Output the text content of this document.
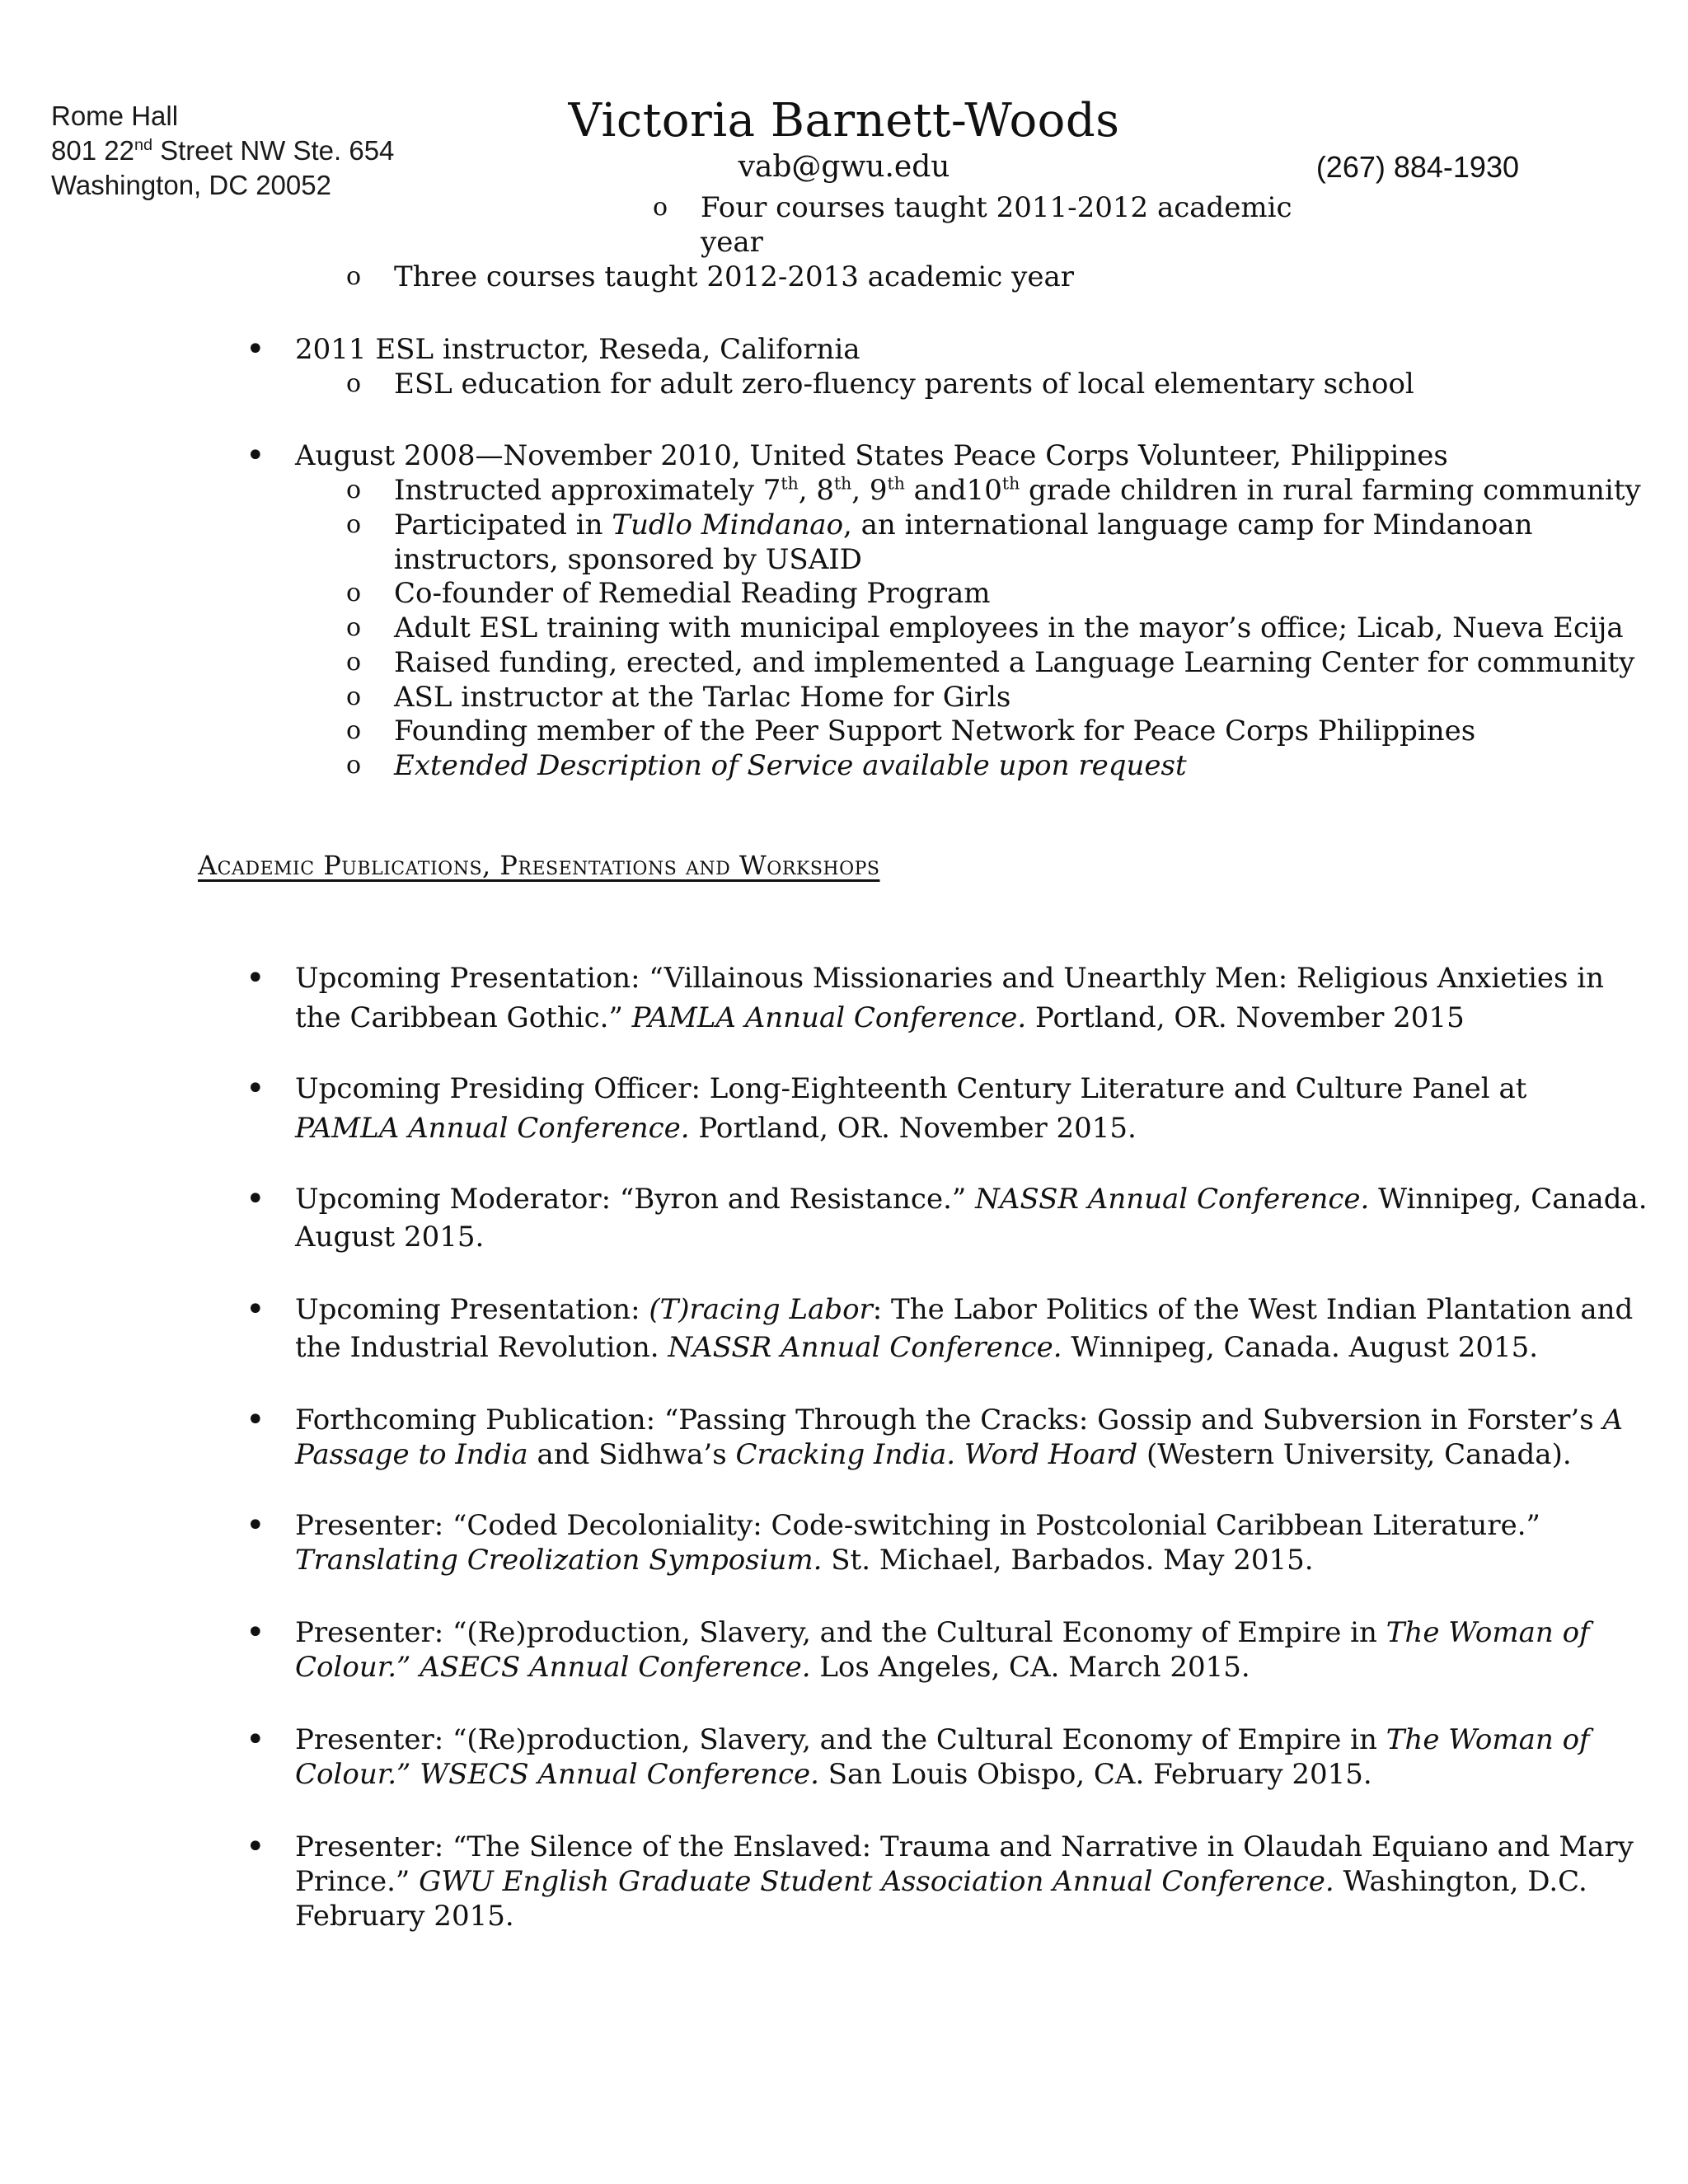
Rome Hall
801 22nd Street NW Ste. 654
Washington, DC 20052
Victoria Barnett-Woods
vab@gwu.edu	(267) 884-1930
o Four courses taught 2011-2012 academic
year
o Three courses taught 2012-2013 academic year
• 2011 ESL instructor, Reseda, California
o ESL education for adult zero-fluency parents of local elementary school
• August 2008—November 2010, United States Peace Corps Volunteer, Philippines
o Instructed approximately 7th, 8th, 9th and10th grade children in rural farming community
o Participated in Tudlo Mindanao, an international language camp for Mindanoan
instructors, sponsored by USAID
o Co-founder of Remedial Reading Program
o Adult ESL training with municipal employees in the mayor’s office; Licab, Nueva Ecija
o Raised funding, erected, and implemented a Language Learning Center for community
o ASL instructor at the Tarlac Home for Girls
o Founding member of the Peer Support Network for Peace Corps Philippines
o Extended Description of Service available upon request
Academic Publications, Presentations and Workshops
• Upcoming Presentation: “Villainous Missionaries and Unearthly Men: Religious Anxieties in
the Caribbean Gothic.” PAMLA Annual Conference. Portland, OR. November 2015
• Upcoming Presiding Officer: Long-Eighteenth Century Literature and Culture Panel at
PAMLA Annual Conference. Portland, OR. November 2015.
• Upcoming Moderator: “Byron and Resistance.” NASSR Annual Conference. Winnipeg, Canada.
August 2015.
• Upcoming Presentation: (T)racing Labor: The Labor Politics of the West Indian Plantation and
the Industrial Revolution. NASSR Annual Conference. Winnipeg, Canada. August 2015.
• Forthcoming Publication: “Passing Through the Cracks: Gossip and Subversion in Forster’s A
Passage to India and Sidhwa’s Cracking India. Word Hoard (Western University, Canada).
• Presenter: “Coded Decoloniality: Code-switching in Postcolonial Caribbean Literature.”
Translating Creolization Symposium. St. Michael, Barbados. May 2015.
• Presenter: “(Re)production, Slavery, and the Cultural Economy of Empire in The Woman of
Colour.” ASECS Annual Conference. Los Angeles, CA. March 2015.
• Presenter: “(Re)production, Slavery, and the Cultural Economy of Empire in The Woman of
Colour.” WSECS Annual Conference. San Louis Obispo, CA. February 2015.
• Presenter: “The Silence of the Enslaved: Trauma and Narrative in Olaudah Equiano and Mary
Prince.” GWU English Graduate Student Association Annual Conference. Washington, D.C.
February 2015.
